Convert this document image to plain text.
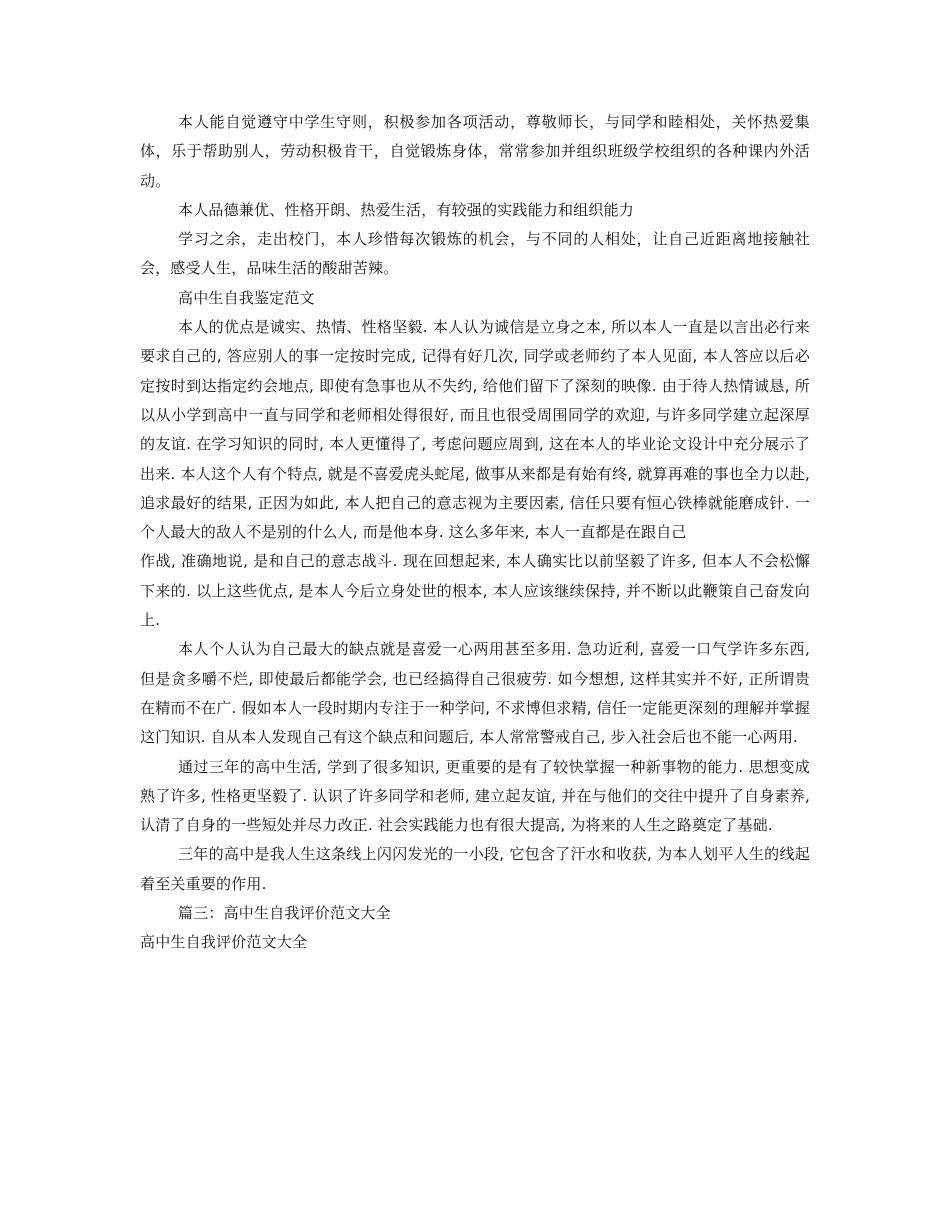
本人能自觉遵守中学生守则，积极参加各项活动，尊敬师长，与同学和睦相处，关怀热爱集体，乐于帮助别人，劳动积极肯干，自觉锻炼身体，常常参加并组织班级学校组织的各种课内外活动。

本人品德兼优、性格开朗、热爱生活，有较强的实践能力和组织能力

学习之余，走出校门，本人珍惜每次锻炼的机会，与不同的人相处，让自己近距离地接触社会，感受人生，品味生活的酸甜苦辣。

高中生自我鉴定范文

本人的优点是诚实、热情、性格坚毅. 本人认为诚信是立身之本, 所以本人一直是以言出必行来要求自己的, 答应别人的事一定按时完成, 记得有好几次, 同学或老师约了本人见面, 本人答应以后必定按时到达指定约会地点, 即使有急事也从不失约, 给他们留下了深刻的映像. 由于待人热情诚恳, 所以从小学到高中一直与同学和老师相处得很好, 而且也很受周围同学的欢迎, 与许多同学建立起深厚的友谊. 在学习知识的同时, 本人更懂得了, 考虑问题应周到, 这在本人的毕业论文设计中充分展示了出来. 本人这个人有个特点, 就是不喜爱虎头蛇尾, 做事从来都是有始有终, 就算再难的事也全力以赴, 追求最好的结果, 正因为如此, 本人把自己的意志视为主要因素, 信任只要有恒心铁棒就能磨成针. 一个人最大的敌人不是别的什么人, 而是他本身. 这么多年来, 本人一直都是在跟自己

作战, 准确地说, 是和自己的意志战斗. 现在回想起来, 本人确实比以前坚毅了许多, 但本人不会松懈下来的. 以上这些优点, 是本人今后立身处世的根本, 本人应该继续保持, 并不断以此鞭策自己奋发向上.

本人个人认为自己最大的缺点就是喜爱一心两用甚至多用. 急功近利, 喜爱一口气学许多东西, 但是贪多嚼不烂, 即使最后都能学会, 也已经搞得自己很疲劳. 如今想想, 这样其实并不好, 正所谓贵在精而不在广. 假如本人一段时期内专注于一种学问, 不求博但求精, 信任一定能更深刻的理解并掌握这门知识. 自从本人发现自己有这个缺点和问题后, 本人常常警戒自己, 步入社会后也不能一心两用.

通过三年的高中生活, 学到了很多知识, 更重要的是有了较快掌握一种新事物的能力. 思想变成熟了许多, 性格更坚毅了. 认识了许多同学和老师, 建立起友谊, 并在与他们的交往中提升了自身素养, 认清了自身的一些短处并尽力改正. 社会实践能力也有很大提高, 为将来的人生之路奠定了基础.

三年的高中是我人生这条线上闪闪发光的一小段, 它包含了汗水和收获, 为本人划平人生的线起着至关重要的作用.

篇三：高中生自我评价范文大全

高中生自我评价范文大全
